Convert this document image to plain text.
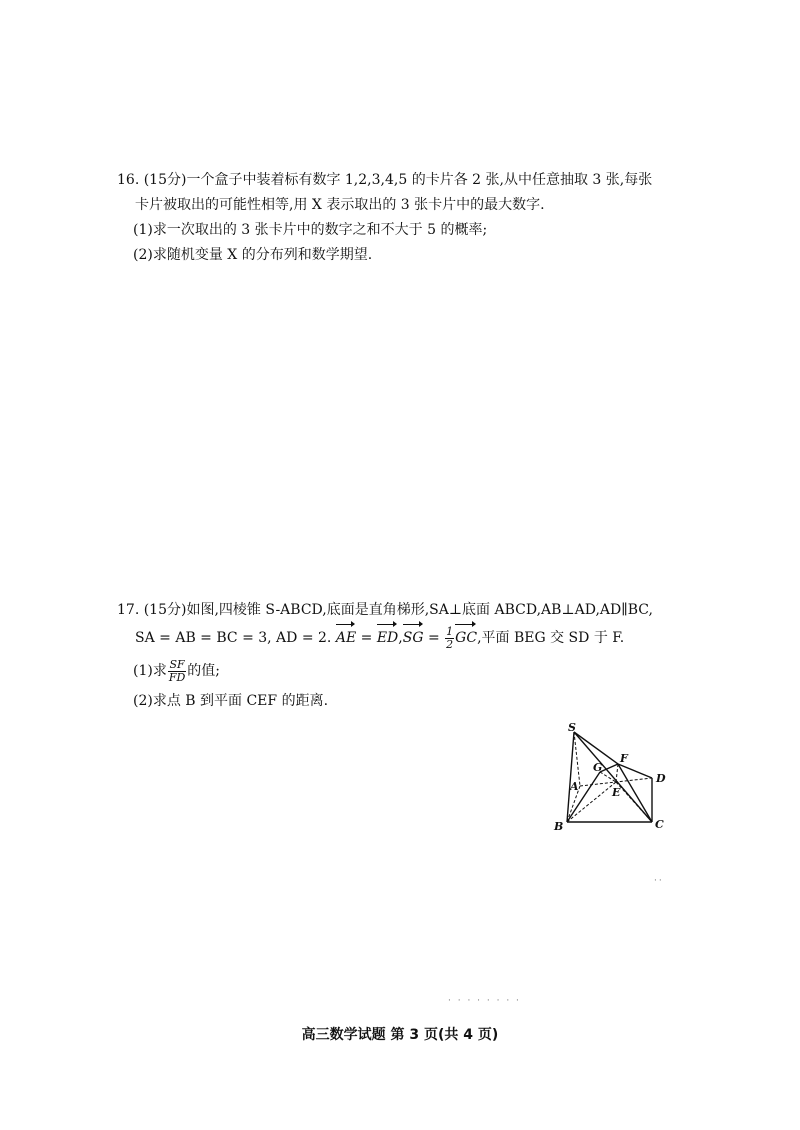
16. (15分)一个盒子中装着标有数字 1,2,3,4,5 的卡片各 2 张,从中任意抽取 3 张,每张
卡片被取出的可能性相等,用 X 表示取出的 3 张卡片中的最大数字.
(1)求一次取出的 3 张卡片中的数字之和不大于 5 的概率;
(2)求随机变量 X 的分布列和数学期望.
17. (15分)如图,四棱锥 S-ABCD,底面是直角梯形,SA⊥底面 ABCD,AB⊥AD,AD∥BC,
SA = AB = BC = 3, AD = 2. AE = $ED,SG = \frac{1}{2}$ GC,平面 BEG 交 SD 于 F.
(1)求 $\frac{SF}{FD}$ 的值;
(2)求点 B 到平面 CEF 的距离.
S
G
F
D
A	E
B	C
··
· · · · · · · ·
高三数学试题 第 3 页(共 4 页)
